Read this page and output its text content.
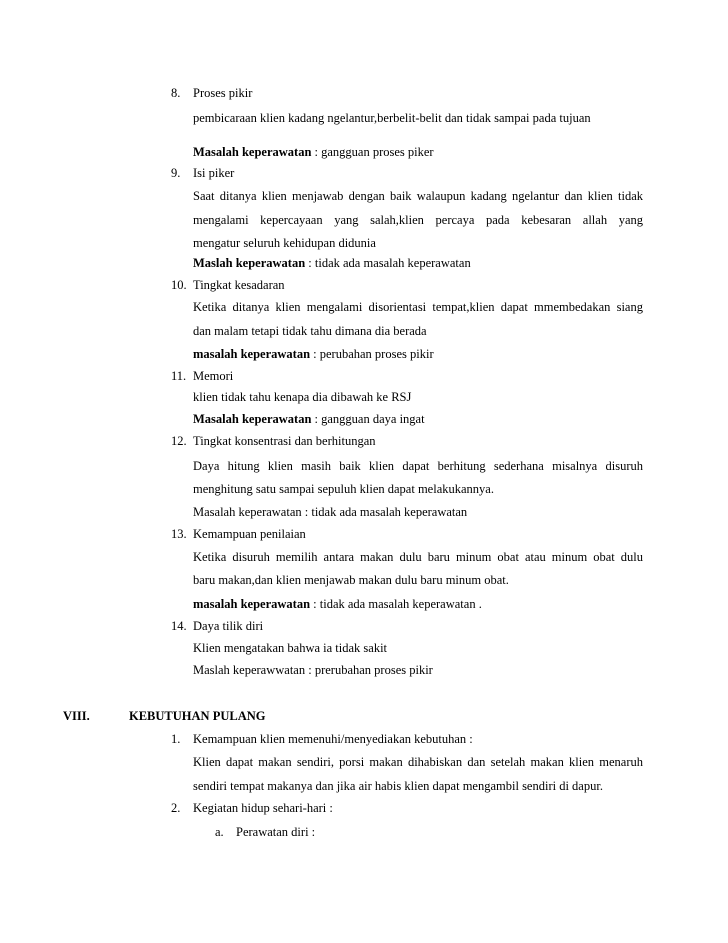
8. Proses pikir
pembicaraan klien kadang ngelantur,berbelit-belit dan tidak sampai pada tujuan
Masalah keperawatan : gangguan proses piker
9. Isi piker
Saat ditanya klien menjawab dengan baik walaupun kadang ngelantur dan klien tidak
mengalami kepercayaan yang salah,klien percaya pada kebesaran allah yang
mengatur seluruh kehidupan didunia
Maslah keperawatan : tidak ada masalah keperawatan
10. Tingkat kesadaran
Ketika ditanya klien mengalami disorientasi tempat,klien dapat mmembedakan siang
dan malam tetapi tidak tahu dimana dia berada
masalah keperawatan : perubahan proses pikir
11. Memori
klien tidak tahu kenapa dia dibawah ke RSJ
Masalah keperawatan : gangguan daya ingat
12. Tingkat konsentrasi dan berhitungan
Daya hitung klien masih baik klien dapat berhitung sederhana misalnya disuruh
menghitung satu sampai sepuluh klien dapat melakukannya.
Masalah keperawatan : tidak ada masalah keperawatan
13. Kemampuan penilaian
Ketika disuruh memilih antara makan dulu baru minum obat atau minum obat dulu
baru makan,dan klien menjawab makan dulu baru minum obat.
masalah keperawatan : tidak ada masalah keperawatan .
14. Daya tilik diri
Klien mengatakan bahwa ia tidak sakit
Maslah keperawwatan : prerubahan proses pikir
VIII.	KEBUTUHAN PULANG
1. Kemampuan klien memenuhi/menyediakan kebutuhan :
Klien dapat makan sendiri, porsi makan dihabiskan dan setelah makan klien menaruh
sendiri tempat makanya dan jika air habis klien dapat mengambil sendiri di dapur.
2. Kegiatan hidup sehari-hari :
a. Perawatan diri :
